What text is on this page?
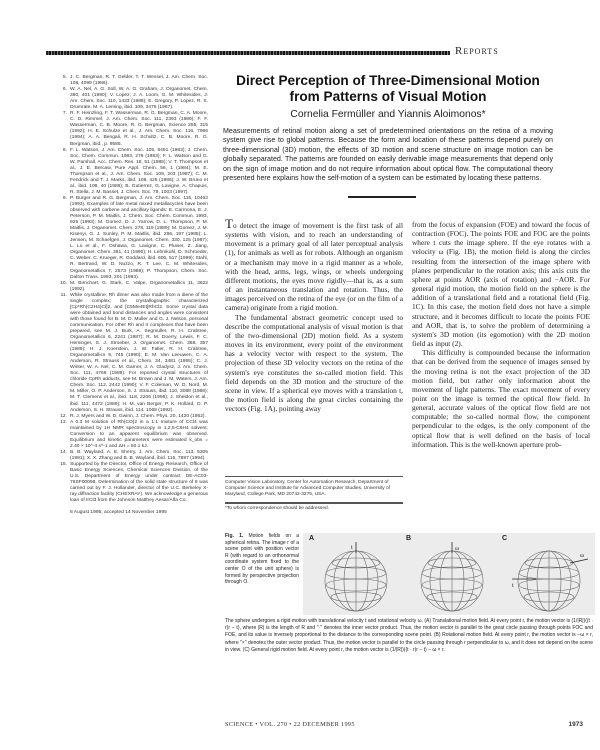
Reports
5. J. C. Bergman, R. T. Gelder, T. T. Wessel, J. Am. Chem. Soc. 108, 4099 (1986).
6. W. A. Nel, A. G. Soll, W. A. G. Graham, J. Organomet. Chem. 380, 401 (1990); V. Lopez, J. A. Loom, G. M. Whitesides, J. Am. Chem. Soc. 110, 1433 (1988); E. Gregory, P. Lopez, R. S. Drumrate, M. A. Leming, ibid. 109, 3476 (1987).
7. R. F. Heinzling, F. T. Wasserman, R. G. Bergman, C. A. Moore, C. D. Rimmel, J. Am. Chem. Soc. 111, 2393 (1989); F. F. Wasserman, C. B. Moore, R. G. Bergman, Science 255, 315 (1992); H. E. Schulze et al., J. Am. Chem. Soc. 116, 7966 (1994); A. A. Bengali, R. H. Schultz, C. B. Moore, R. G. Bergman, ibid., p. 9585.
8. F. L. Watson, J. Am. Chem. Soc. 105, 6491 (1983); J. Chem. Soc. Chem. Commun. 1983, 276 (1983); F. L. Watson and G. W. Parshall, Acc. Chem. Res. 18, 51 (1985); V. T. Thompson et al., J. E. Bercaw, Pure Appl. Chem. 56, 1 (1984); M. E. Thompson et al., J. Am. Chem. Soc. 109, 203 (1987); C. M. Fendrick and T. J. Marks, ibid. 108, 425 (1986); J. W. Bruno et al., ibid. 108, 40 (1986); B. Gutierrez, G. Lavigne, A. Chapuis, R. Stella, J. M. Basset, J. Chem. Soc. 79, 1003 (1997).
9. P. Burger and R. G. Bergman, J. Am. Chem. Soc. 115, 10462 (1993). Examples of late metal mixed metallacycles have been observed with carbene and ancillary ligands: E. Carmona, E. J. Peterson, P. M. Maitlis, J. Chem. Soc. Chem. Commun. 1993, 925 (1993); M. Gomez, D. J. Yarrow, D. L. Thompson, P. M. Maitlis, J. Organomet. Chem. 278, 119 (1989); M. Gomez, J. M. Kisenyi, G. J. Sunley, P. M. Maitlis, ibid. 296, 197 (1985); L. Jensen, M. Schaefgen, J. Organomet. Chem. 330, 125 (1987); L. Lu et al., F. Oshawa, G. Lavigne, C. Pluvier, Z. Jiang, Organomet. Chem. 381, 41 (1990); H. Lehmkuhl, D. Schroeder, C. Weber, C. Krueger, R. Goddard, ibid. 606, 517 (1999); Stahl, R. Bertrand, W. D. Nuzzo, R. T. Lee, C. M. Whitesides, Organometallics 7, 2573 (1988); P. Thompson, Chem. Soc. Dalton Trans. 1993, 201 (1993).
10. M. Birnchart, G. Stark, C. Valpe, Organometallics 11, 3622 (1992).
11. While crystalline, Rh dimer was also made from a diene of the single complex; the crystallographic characterized [Cp*Rh(C2H4)Cl]2, and [C5Me4Et]RhCl2. Some crystal data were obtained and bond distances and angles were consistent with those found for B. M. D. Muller and G. J. Nelson, personal communication. For other Rh and Ir complexes that have been prepared, see M. J. Burk, A. Segmuller, R. H. Crabtree, Organometallics 6, 2241 (1987); R. M. Doerry, Lewis, F. C. Heminger, S. J. Stroeber, J. Organomet. Chem. 368, 357 (1989); H. J. Koerstein, J. W. Faller, R. H. Crabtree, Organometallics 9, 745 (1990); E. M. Van Leeuwen, C. A. Anderson, R. Strauss et al., Chem. 34, 3481 (1995); C. J. Winter, W. A. Nel, C. M. Garner, J. A. Gladysz, J. Am. Chem. Soc. 111, 4766 (1989). For reported crystal structures of chloride CpRh adducts, see M. Brown and J. M. Waters, J. Am. Chem. Soc. 112, 2442 (1990); V. F. Coleman, W. D. Nord, M. M. Miller, O. P. Anderson, S. J. Strauss, ibid. 110, 3088 (1988); M. T. Clemens et al., ibid. 118, 2206 (1996); J. Sheldon et al., ibid. 111, 4472 (1989); H. M. van Berger, P. K. Hollard, O. P. Anderson, S. H. Strauss, ibid. 114, 1068 (1992).
12. R. J. Myers and W. D. Gwinn, J. Chem. Phys. 20, 1420 (1952).
13. A 0.3 M solution of Rh(CO)2 in a 1:1 mixture of CCl4 was maintained by 1H NMR spectroscopy in 1,2,5-C6H4 solvent. Conversion to an apparent equilibrium was observed. Equilibrium and kinetic parameters were estimated k_obs = 2.40 × 10^-4 s^-1 and ΔH = 50.1 kJ.
14. B. B. Wayland, A. E. Sherry, J. Am. Chem. Soc. 113, 5305 (1991); X. X. Zhang and B. B. Wayland, ibid. 116, 7897 (1994).
15. Supported by the Director, Office of Energy Research, Office of Basic Energy Sciences, Chemical Sciences Division, of the U.S. Department of Energy under contract DE-AC03-76SF00098. Determination of the solid state structure of 8 was carried out by F. J. Hollander, director of the U.C. Berkeley X-ray diffraction facility (CHEXRAY). We acknowledge a generous loan of IrCl3 from the Johnson Matthey Aesar/Alfa Co.
8 August 1995; accepted 14 November 1995
Direct Perception of Three-Dimensional Motion from Patterns of Visual Motion
Cornelia Fermüller and Yiannis Aloimonos*
Measurements of retinal motion along a set of predetermined orientations on the retina of a moving system give rise to global patterns. Because the form and location of these patterns depend purely on three-dimensional (3D) motion, the effects of 3D motion and scene structure on image motion can be globally separated. The patterns are founded on easily derivable image measurements that depend only on the sign of image motion and do not require information about optical flow. The computational theory presented here explains how the self-motion of a system can be estimated by locating these patterns.

To detect the image of movement is the first task of all systems with vision, and to reach an understanding of movement is a primary goal of all later perceptual analysis (1), for animals as well as for robots. Although an organism or a mechanism may move in a rigid manner as a whole, with the head, arms, legs, wings, or wheels undergoing different motions, the eyes move rigidly—that is, as a sum of an instantaneous translation and rotation. Thus, the images perceived on the retina of the eye (or on the film of a camera) originate from a rigid motion.

The fundamental abstract geometric concept used to describe the computational analysis of visual motion is that of the two-dimensional (2D) motion field. As a system moves in its environment, every point of the environment has a velocity vector with respect to the system. The projection of these 3D velocity vectors on the retina of the system's eye constitutes the so-called motion field. This field depends on the 3D motion and the structure of the scene in view. If a spherical eye moves with a translation t, the motion field is along the great circles containing the vectors (Fig. 1A), pointing away

from the focus of expansion (FOE) and toward the focus of contraction (FOC). The points FOE and FOC are the points where t cuts the image sphere. If the eye rotates with a velocity ω (Fig. 1B), the motion field is along the circles resulting from the intersection of the image sphere with planes perpendicular to the rotation axis; this axis cuts the sphere at points AOR (axis of rotation) and −AOR. For general rigid motion, the motion field on the sphere is the addition of a translational field and a rotational field (Fig. 1C). In this case, the motion field does not have a simple structure, and it becomes difficult to locate the points FOE and AOR, that is, to solve the problem of determining a system's 3D motion (its egomotion) with the 2D motion field as input (2).

This difficulty is compounded because the information that can be derived from the sequence of images sensed by the moving retina is not the exact projection of the 3D motion field, but rather only information about the movement of light patterns. The exact movement of every point on the image is termed the optical flow field. In general, accurate values of the optical flow field are not computable; the so-called normal flow, the component perpendicular to the edges, is the only component of the optical flow that is well defined on the basis of local information. This is the well-known aperture prob-

Computer Vision Laboratory, Center for Automation Research, Department of Computer Science and Institute for Advanced Computer Studies, University of Maryland, College Park, MD 20742-3275, USA.
*To whom correspondence should be addressed.
Fig. 1. Motion fields on a spherical retina. The image r of a scene point with position vector R (with regard to an orthonormal coordinate system fixed to the center O of the unit sphere) is formed by perspective projection through O.
A	B	C
t	ω
t
ω
The sphere undergoes a rigid motion with translational velocity t and rotational velocity ω. (A) Translational motion field. At every point r, the motion vector is (1/|R|)((t · r)r − t), where |R| is the length of R and "·" denotes the inner vector product. Thus, the motion vector is parallel to the great circle passing through points FOC and FOE, and its value is inversely proportional to the distance to the corresponding scene point. (B) Rotational motion field. At every point r, the motion vector is −ω × r, where "×" denotes the outer vector product. Thus, the motion vector is parallel to the circle passing through r perpendicular to ω, and it does not depend on the scene in view. (C) General rigid motion field. At every point r, the motion vector is (1/|R|)((t · r)r − t) − ω × r.
SCIENCE • VOL. 270 • 22 DECEMBER 1995	1973
